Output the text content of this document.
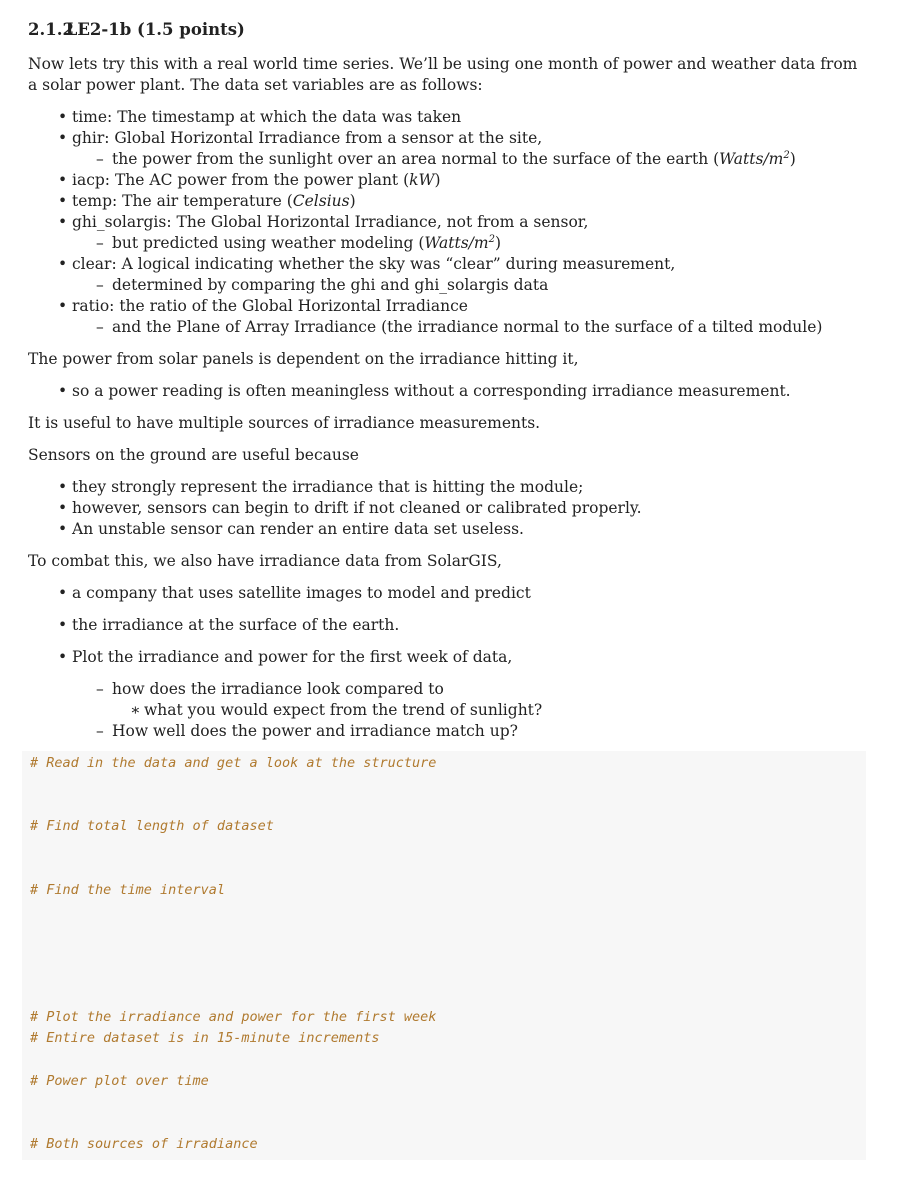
2.1.2 LE2-1b (1.5 points)

Now lets try this with a real world time series. We’ll be using one month of power and weather data from a solar power plant. The data set variables are as follows:

• time: The timestamp at which the data was taken
• ghir: Global Horizontal Irradiance from a sensor at the site,
– the power from the sunlight over an area normal to the surface of the earth $(Watts/m^2)$
• iacp: The AC power from the power plant (kW)
• temp: The air temperature (Celsius)
• ghi_solargis: The Global Horizontal Irradiance, not from a sensor,
– but predicted using weather modeling $(Watts/m^2)$
• clear: A logical indicating whether the sky was “clear” during measurement,
– determined by comparing the ghi and ghi_solargis data
• ratio: the ratio of the Global Horizontal Irradiance
– and the Plane of Array Irradiance (the irradiance normal to the surface of a tilted module)

The power from solar panels is dependent on the irradiance hitting it,

• so a power reading is often meaningless without a corresponding irradiance measurement.

It is useful to have multiple sources of irradiance measurements.

Sensors on the ground are useful because

• they strongly represent the irradiance that is hitting the module;
• however, sensors can begin to drift if not cleaned or calibrated properly.
• An unstable sensor can render an entire data set useless.

To combat this, we also have irradiance data from SolarGIS,

• a company that uses satellite images to model and predict
• the irradiance at the surface of the earth.
• Plot the irradiance and power for the first week of data,
– how does the irradiance look compared to
∗ what you would expect from the trend of sunlight?
– How well does the power and irradiance match up?
# Read in the data and get a look at the structure
# Find total length of dataset
# Find the time interval
# Plot the irradiance and power for the first week
# Entire dataset is in 15-minute increments
# Power plot over time
# Both sources of irradiance
